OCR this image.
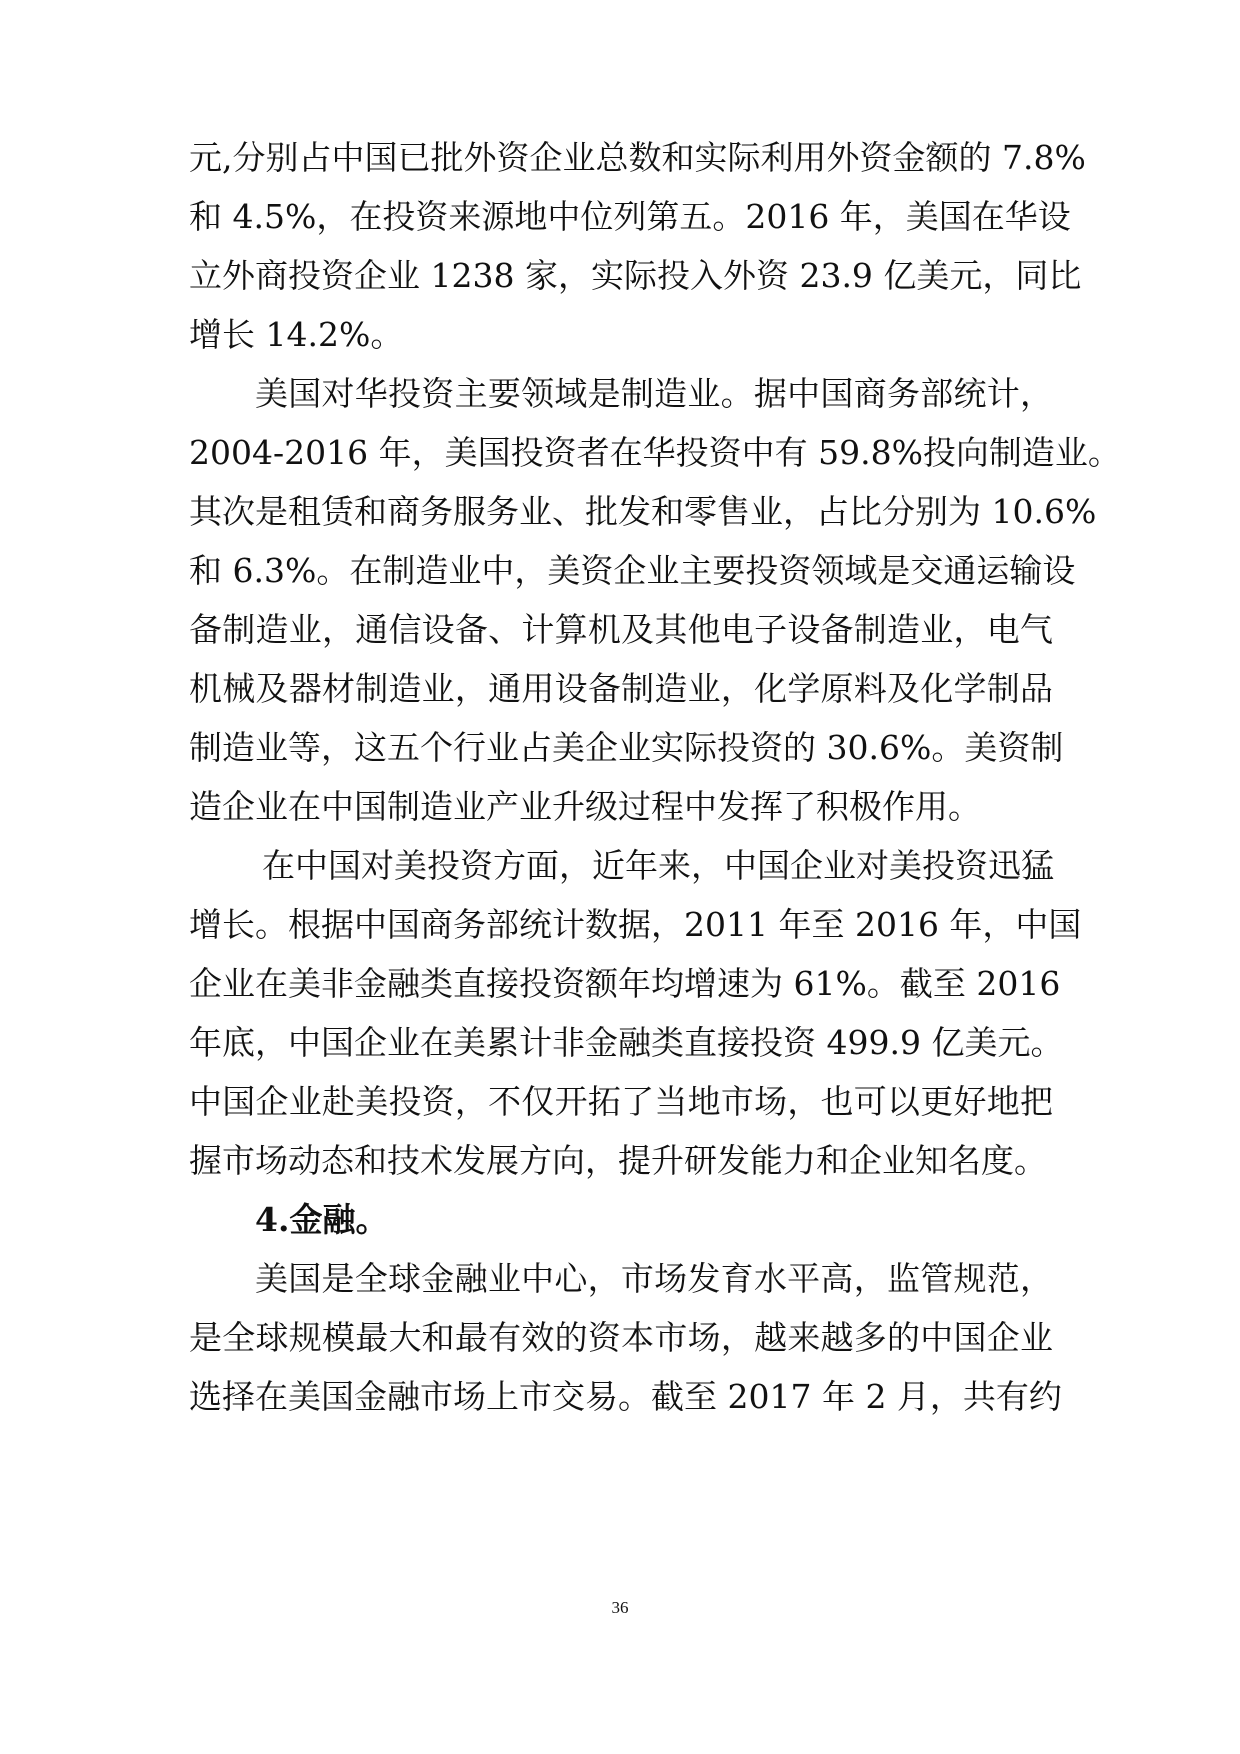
元,分别占中国已批外资企业总数和实际利用外资金额的 7.8%
和 4.5%，在投资来源地中位列第五。2016 年，美国在华设
立外商投资企业 1238 家，实际投入外资 23.9 亿美元，同比
增长 14.2%。
美国对华投资主要领域是制造业。据中国商务部统计，
2004-2016 年，美国投资者在华投资中有 59.8%投向制造业。
其次是租赁和商务服务业、批发和零售业，占比分别为 10.6%
和 6.3%。在制造业中，美资企业主要投资领域是交通运输设
备制造业，通信设备、计算机及其他电子设备制造业，电气
机械及器材制造业，通用设备制造业，化学原料及化学制品
制造业等，这五个行业占美企业实际投资的 30.6%。美资制
造企业在中国制造业产业升级过程中发挥了积极作用。
在中国对美投资方面，近年来，中国企业对美投资迅猛
增长。根据中国商务部统计数据，2011 年至 2016 年，中国
企业在美非金融类直接投资额年均增速为 61%。截至 2016
年底，中国企业在美累计非金融类直接投资 499.9 亿美元。
中国企业赴美投资，不仅开拓了当地市场，也可以更好地把
握市场动态和技术发展方向，提升研发能力和企业知名度。
4.金融。
美国是全球金融业中心，市场发育水平高，监管规范，
是全球规模最大和最有效的资本市场，越来越多的中国企业
选择在美国金融市场上市交易。截至 2017 年 2 月，共有约
36
